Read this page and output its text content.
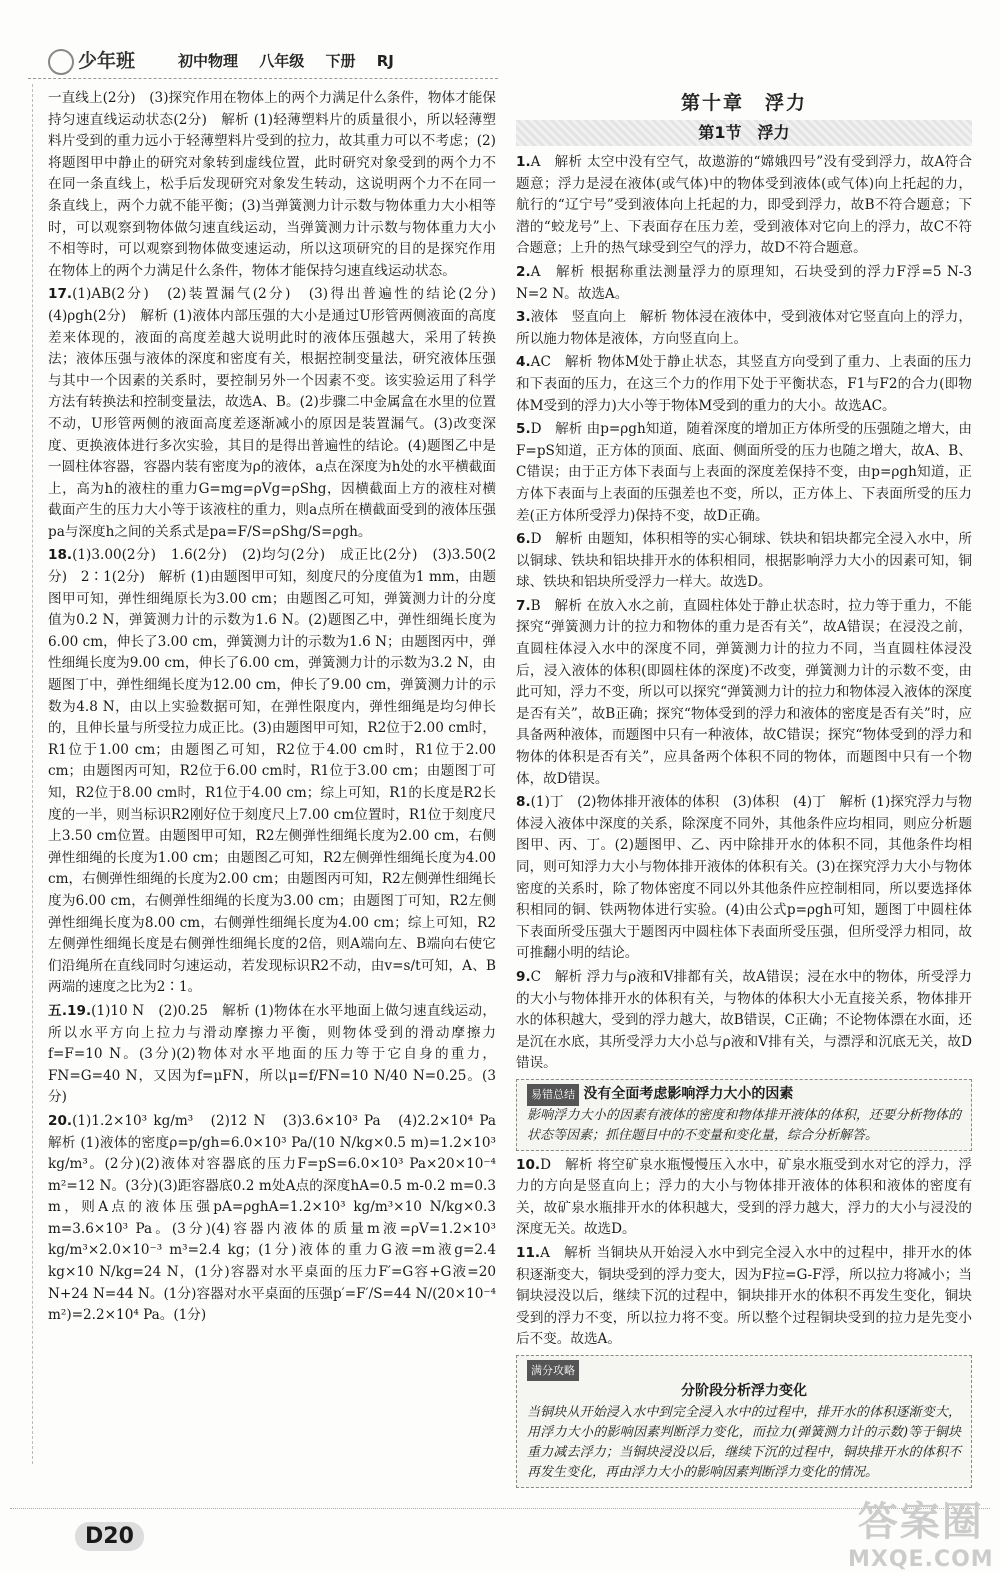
少年班	初中物理 八年级 下册 RJ
一直线上(2分)　(3)探究作用在物体上的两个力满足什么条件，物体才能保持匀速直线运动状态(2分)　解析 (1)轻薄塑料片的质量很小，所以轻薄塑料片受到的重力远小于轻薄塑料片受到的拉力，故其重力可以不考虑；(2)将题图甲中静止的研究对象转到虚线位置，此时研究对象受到的两个力不在同一条直线上，松手后发现研究对象发生转动，这说明两个力不在同一条直线上，两个力就不能平衡；(3)当弹簧测力计示数与物体重力大小相等时，可以观察到物体做匀速直线运动，当弹簧测力计示数与物体重力大小不相等时，可以观察到物体做变速运动，所以这项研究的目的是探究作用在物体上的两个力满足什么条件，物体才能保持匀速直线运动状态。
17.(1)AB(2分)　(2)装置漏气(2分)　(3)得出普遍性的结论(2分)　(4)ρgh(2分)　解析 (1)液体内部压强的大小是通过U形管两侧液面的高度差来体现的，液面的高度差越大说明此时的液体压强越大，采用了转换法；液体压强与液体的深度和密度有关，根据控制变量法，研究液体压强与其中一个因素的关系时，要控制另外一个因素不变。该实验运用了科学方法有转换法和控制变量法，故选A、B。(2)步骤二中金属盒在水里的位置不动，U形管两侧的液面高度差逐渐减小的原因是装置漏气。(3)改变深度、更换液体进行多次实验，其目的是得出普遍性的结论。(4)题图乙中是一圆柱体容器，容器内装有密度为ρ的液体，a点在深度为h处的水平横截面上，高为h的液柱的重力G=mg=ρVg=ρShg，因横截面上方的液柱对横截面产生的压力大小等于该液柱的重力，则a点所在横截面受到的液体压强pa与深度h之间的关系式是pa=F/S=ρShg/S=ρgh。
18.(1)3.00(2分)　1.6(2分)　(2)均匀(2分)　成正比(2分)　(3)3.50(2分)　2∶1(2分)　解析 (1)由题图甲可知，刻度尺的分度值为1 mm，由题图甲可知，弹性细绳原长为3.00 cm；由题图乙可知，弹簧测力计的分度值为0.2 N，弹簧测力计的示数为1.6 N。(2)题图乙中，弹性细绳长度为6.00 cm，伸长了3.00 cm，弹簧测力计的示数为1.6 N；由题图丙中，弹性细绳长度为9.00 cm，伸长了6.00 cm，弹簧测力计的示数为3.2 N，由题图丁中，弹性细绳长度为12.00 cm，伸长了9.00 cm，弹簧测力计的示数为4.8 N，由以上实验数据可知，在弹性限度内，弹性细绳是均匀伸长的，且伸长量与所受拉力成正比。(3)由题图甲可知，R2位于2.00 cm时，R1位于1.00 cm；由题图乙可知，R2位于4.00 cm时，R1位于2.00 cm；由题图丙可知，R2位于6.00 cm时，R1位于3.00 cm；由题图丁可知，R2位于8.00 cm时，R1位于4.00 cm；综上可知，R1的长度是R2长度的一半，则当标识R2刚好位于刻度尺上7.00 cm位置时，R1位于刻度尺上3.50 cm位置。由题图甲可知，R2左侧弹性细绳长度为2.00 cm，右侧弹性细绳的长度为1.00 cm；由题图乙可知，R2左侧弹性细绳长度为4.00 cm，右侧弹性细绳的长度为2.00 cm；由题图丙可知，R2左侧弹性细绳长度为6.00 cm，右侧弹性细绳的长度为3.00 cm；由题图丁可知，R2左侧弹性细绳长度为8.00 cm，右侧弹性细绳长度为4.00 cm；综上可知，R2左侧弹性细绳长度是右侧弹性细绳长度的2倍，则A端向左、B端向右使它们沿绳所在直线同时匀速运动，若发现标识R2不动，由v=s/t可知，A、B两端的速度之比为2∶1。
五.19.(1)10 N　(2)0.25　解析 (1)物体在水平地面上做匀速直线运动，所以水平方向上拉力与滑动摩擦力平衡，则物体受到的滑动摩擦力f=F=10 N。(3分)(2)物体对水平地面的压力等于它自身的重力，FN=G=40 N，又因为f=μFN，所以μ=f/FN=10 N/40 N=0.25。(3分)
20.(1)1.2×10³ kg/m³　(2)12 N　(3)3.6×10³ Pa　(4)2.2×10⁴ Pa　解析 (1)液体的密度ρ=p/gh=6.0×10³ Pa/(10 N/kg×0.5 m)=1.2×10³ kg/m³。(2分)(2)液体对容器底的压力F=pS=6.0×10³ Pa×20×10⁻⁴ m²=12 N。(3分)(3)距容器底0.2 m处A点的深度hA=0.5 m-0.2 m=0.3 m，则A点的液体压强pA=ρghA=1.2×10³ kg/m³×10 N/kg×0.3 m=3.6×10³ Pa。(3分)(4)容器内液体的质量m液=ρV=1.2×10³ kg/m³×2.0×10⁻³ m³=2.4 kg；(1分)液体的重力G液=m液g=2.4 kg×10 N/kg=24 N，(1分)容器对水平桌面的压力F′=G容+G液=20 N+24 N=44 N。(1分)容器对水平桌面的压强p′=F′/S=44 N/(20×10⁻⁴ m²)=2.2×10⁴ Pa。(1分)
第十章　浮力
第1节　浮力
1.A　解析 太空中没有空气，故遨游的“嫦娥四号”没有受到浮力，故A符合题意；浮力是浸在液体(或气体)中的物体受到液体(或气体)向上托起的力，航行的“辽宁号”受到液体向上托起的力，即受到浮力，故B不符合题意；下潜的“蛟龙号”上、下表面存在压力差，受到液体对它向上的浮力，故C不符合题意；上升的热气球受到空气的浮力，故D不符合题意。
2.A　解析 根据称重法测量浮力的原理知，石块受到的浮力F浮=5 N-3 N=2 N。故选A。
3.液体　竖直向上　解析 物体浸在液体中，受到液体对它竖直向上的浮力，所以施力物体是液体，方向竖直向上。
4.AC　解析 物体M处于静止状态，其竖直方向受到了重力、上表面的压力和下表面的压力，在这三个力的作用下处于平衡状态，F1与F2的合力(即物体M受到的浮力)大小等于物体M受到的重力的大小。故选AC。
5.D　解析 由p=ρgh知道，随着深度的增加正方体所受的压强随之增大，由F=pS知道，正方体的顶面、底面、侧面所受的压力也随之增大，故A、B、C错误；由于正方体下表面与上表面的深度差保持不变，由p=ρgh知道，正方体下表面与上表面的压强差也不变，所以，正方体上、下表面所受的压力差(正方体所受浮力)保持不变，故D正确。
6.D　解析 由题知，体积相等的实心铜球、铁块和铝块都完全浸入水中，所以铜球、铁块和铝块排开水的体积相同，根据影响浮力大小的因素可知，铜球、铁块和铝块所受浮力一样大。故选D。
7.B　解析 在放入水之前，直圆柱体处于静止状态时，拉力等于重力，不能探究“弹簧测力计的拉力和物体的重力是否有关”，故A错误；在浸没之前，直圆柱体浸入水中的深度不同，弹簧测力计的拉力不同，当直圆柱体浸没后，浸入液体的体积(即圆柱体的深度)不改变，弹簧测力计的示数不变，由此可知，浮力不变，所以可以探究“弹簧测力计的拉力和物体浸入液体的深度是否有关”，故B正确；探究“物体受到的浮力和液体的密度是否有关”时，应具备两种液体，而题图中只有一种液体，故C错误；探究“物体受到的浮力和物体的体积是否有关”，应具备两个体积不同的物体，而题图中只有一个物体，故D错误。
8.(1)丁　(2)物体排开液体的体积　(3)体积　(4)丁　解析 (1)探究浮力与物体浸入液体中深度的关系，除深度不同外，其他条件应均相同，则应分析题图甲、丙、丁。(2)题图甲、乙、丙中除排开水的体积不同，其他条件均相同，则可知浮力大小与物体排开液体的体积有关。(3)在探究浮力大小与物体密度的关系时，除了物体密度不同以外其他条件应控制相同，所以要选择体积相同的铜、铁两物体进行实验。(4)由公式p=ρgh可知，题图丁中圆柱体下表面所受压强大于题图丙中圆柱体下表面所受压强，但所受浮力相同，故可推翻小明的结论。
9.C　解析 浮力与ρ液和V排都有关，故A错误；浸在水中的物体，所受浮力的大小与物体排开水的体积有关，与物体的体积大小无直接关系，物体排开水的体积越大，受到的浮力越大，故B错误，C正确；不论物体漂在水面，还是沉在水底，其所受浮力大小总与ρ液和V排有关，与漂浮和沉底无关，故D错误。
易错总结 没有全面考虑影响浮力大小的因素
影响浮力大小的因素有液体的密度和物体排开液体的体积，还要分析物体的状态等因素；抓住题目中的不变量和变化量，综合分析解答。
10.D　解析 将空矿泉水瓶慢慢压入水中，矿泉水瓶受到水对它的浮力，浮力的方向是竖直向上；浮力的大小与物体排开液体的体积和液体的密度有关，故矿泉水瓶排开水的体积越大，受到的浮力越大，浮力的大小与浸没的深度无关。故选D。
11.A　解析 当铜块从开始浸入水中到完全浸入水中的过程中，排开水的体积逐渐变大，铜块受到的浮力变大，因为F拉=G-F浮，所以拉力将减小；当铜块浸没以后，继续下沉的过程中，铜块排开水的体积不再发生变化，铜块受到的浮力不变，所以拉力将不变。所以整个过程铜块受到的拉力是先变小后不变。故选A。
满分攻略
分阶段分析浮力变化
当铜块从开始浸入水中到完全浸入水中的过程中，排开水的体积逐渐变大，用浮力大小的影响因素判断浮力变化，而拉力(弹簧测力计的示数)等于铜块重力减去浮力；当铜块浸没以后，继续下沉的过程中，铜块排开水的体积不再发生变化，再由浮力大小的影响因素判断浮力变化的情况。
D20	答案圈
MXQE.COM
